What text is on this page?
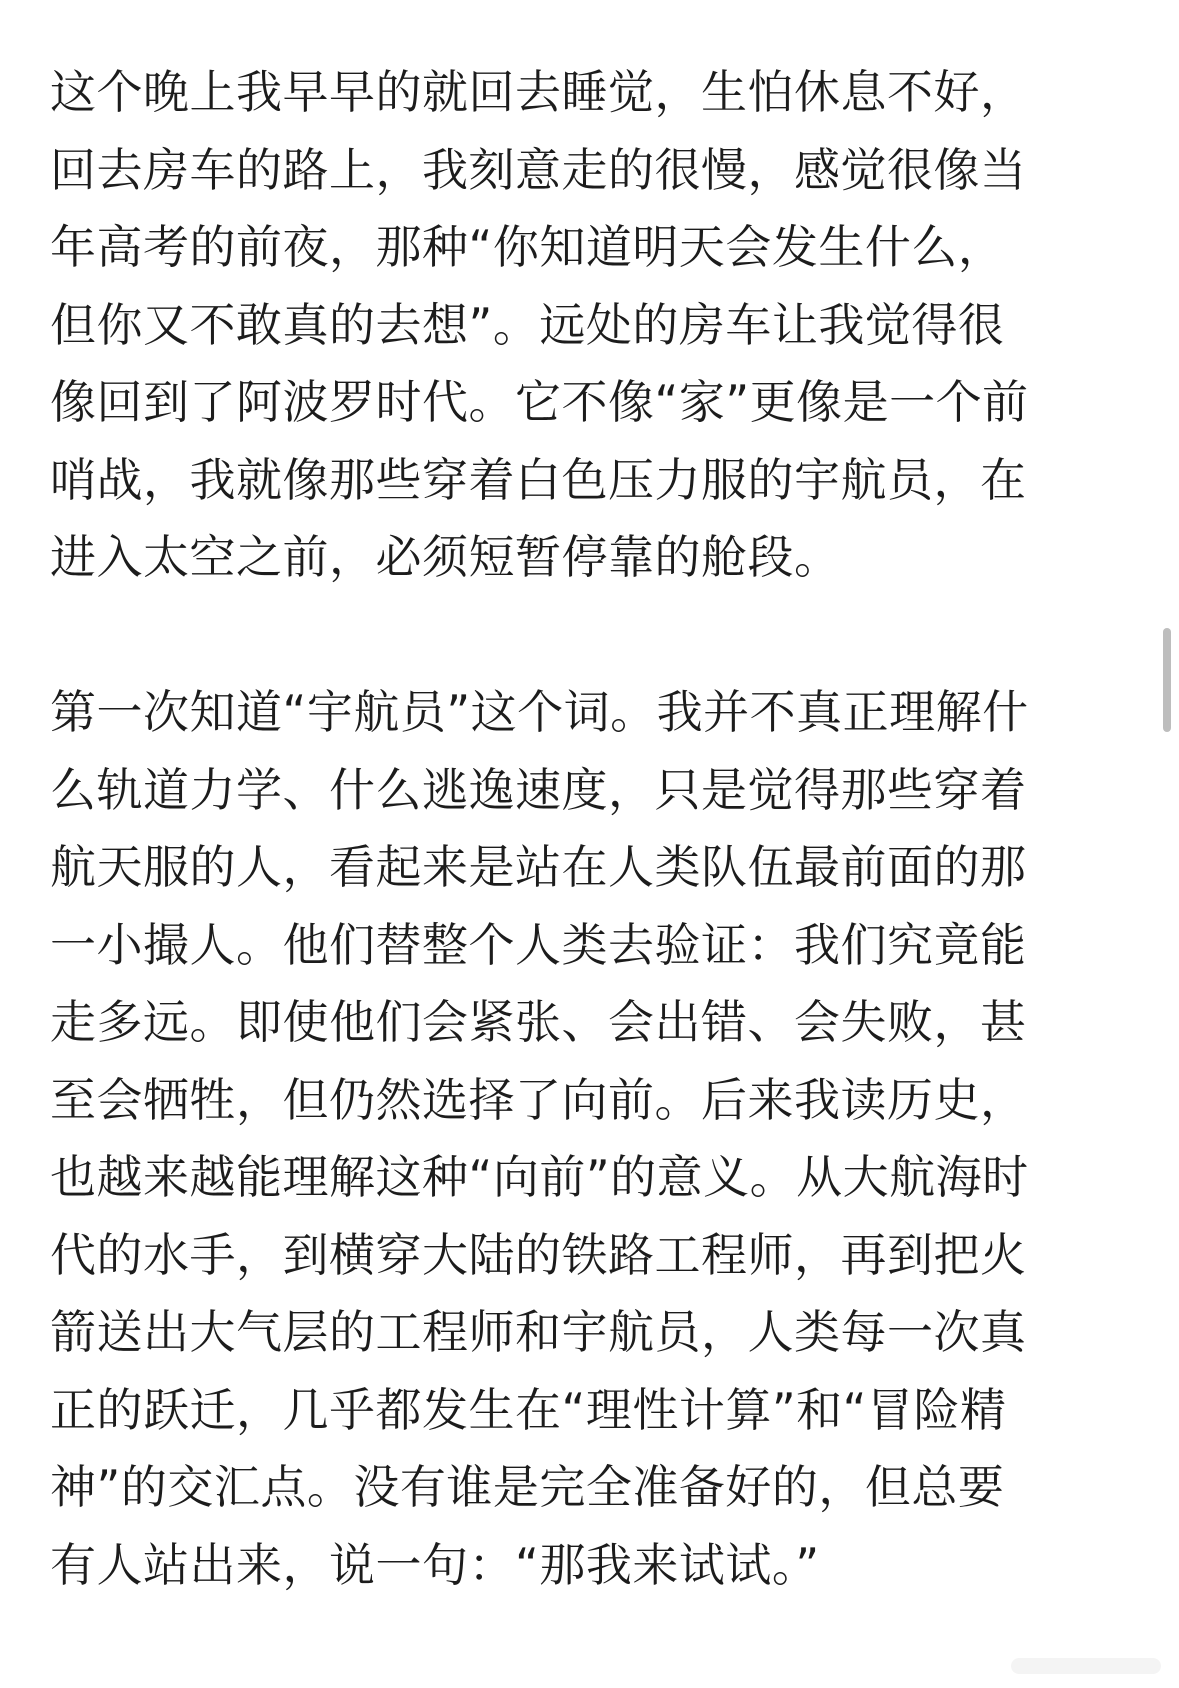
这个晚上我早早的就回去睡觉，生怕休息不好，
回去房车的路上，我刻意走的很慢，感觉很像当
年高考的前夜，那种“你知道明天会发生什么，
但你又不敢真的去想”。远处的房车让我觉得很
像回到了阿波罗时代。它不像“家”更像是一个前
哨战，我就像那些穿着白色压力服的宇航员，在
进入太空之前，必须短暂停靠的舱段。
第一次知道“宇航员”这个词。我并不真正理解什
么轨道力学、什么逃逸速度，只是觉得那些穿着
航天服的人，看起来是站在人类队伍最前面的那
一小撮人。他们替整个人类去验证：我们究竟能
走多远。即使他们会紧张、会出错、会失败，甚
至会牺牲，但仍然选择了向前。后来我读历史，
也越来越能理解这种“向前”的意义。从大航海时
代的水手，到横穿大陆的铁路工程师，再到把火
箭送出大气层的工程师和宇航员，人类每一次真
正的跃迁，几乎都发生在“理性计算”和“冒险精
神”的交汇点。没有谁是完全准备好的，但总要
有人站出来，说一句：“那我来试试。”
